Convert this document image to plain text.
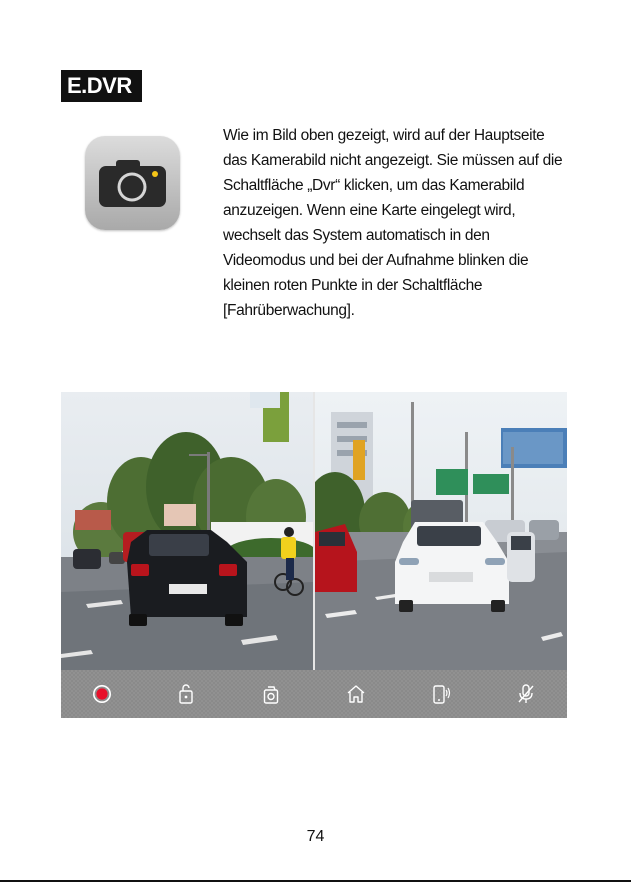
E.DVR

Wie im Bild oben gezeigt, wird auf der Hauptseite das Kamerabild nicht angezeigt. Sie müssen auf die Schaltfläche „Dvr“ klicken, um das Kamerabild anzuzeigen. Wenn eine Karte eingelegt wird, wechselt das System automatisch in den Videomodus und bei der Aufnahme blinken die kleinen roten Punkte in der Schaltfläche [Fahrüberwachung].

74
